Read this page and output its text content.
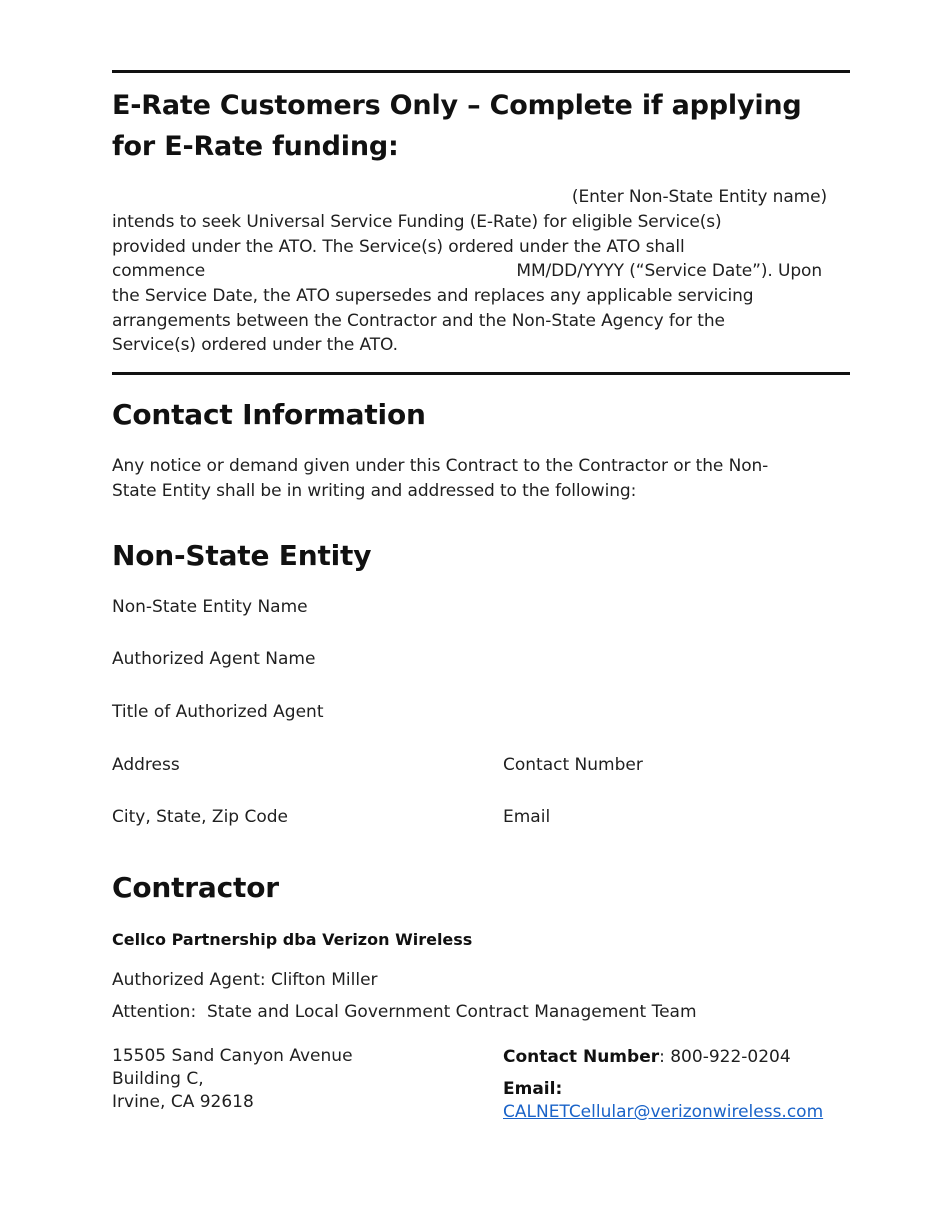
E-Rate Customers Only – Complete if applying
for E-Rate funding:
(Enter Non-State Entity name)
intends to seek Universal Service Funding (E-Rate) for eligible Service(s)
provided under the ATO. The Service(s) ordered under the ATO shall
commence	MM/DD/YYYY (“Service Date”). Upon
the Service Date, the ATO supersedes and replaces any applicable servicing
arrangements between the Contractor and the Non-State Agency for the
Service(s) ordered under the ATO.
Contact Information
Any notice or demand given under this Contract to the Contractor or the Non-
State Entity shall be in writing and addressed to the following:
Non-State Entity
Non-State Entity Name
Authorized Agent Name
Title of Authorized Agent
Address	Contact Number
City, State, Zip Code	Email
Contractor
Cellco Partnership dba Verizon Wireless
Authorized Agent: Clifton Miller
Attention:  State and Local Government Contract Management Team
15505 Sand Canyon Avenue
Building C,
Irvine, CA 92618
Contact Number: 800-922-0204
Email:
CALNETCellular@verizonwireless.com
